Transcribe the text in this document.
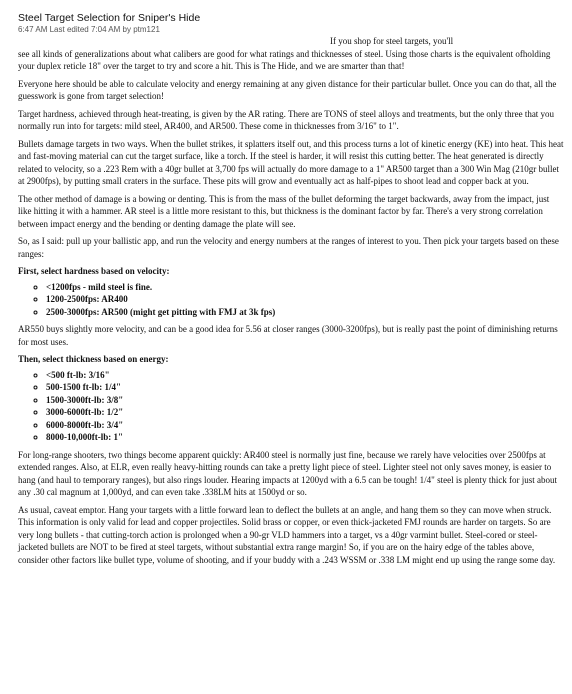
Steel Target Selection for Sniper's Hide
6:47 AM Last edited 7:04 AM by ptm121

If you shop for steel targets, you'll
see all kinds of generalizations about what calibers are good for what ratings and thicknesses of steel. Using those charts is the equivalent ofholding your duplex reticle 18" over the target to try and score a hit. This is The Hide, and we are smarter than that!

Everyone here should be able to calculate velocity and energy remaining at any given distance for their particular bullet. Once you can do that, all the guesswork is gone from target selection!

Target hardness, achieved through heat-treating, is given by the AR rating. There are TONS of steel alloys and treatments, but the only three that you normally run into for targets: mild steel, AR400, and AR500. These come in thicknesses from 3/16" to 1".

Bullets damage targets in two ways. When the bullet strikes, it splatters itself out, and this process turns a lot of kinetic energy (KE) into heat. This heat and fast-moving material can cut the target surface, like a torch. If the steel is harder, it will resist this cutting better. The heat generated is directly related to velocity, so a .223 Rem with a 40gr bullet at 3,700 fps will actually do more damage to a 1" AR500 target than a 300 Win Mag (210gr bullet at 2900fps), by putting small craters in the surface. These pits will grow and eventually act as half-pipes to shoot lead and copper back at you.

The other method of damage is a bowing or denting. This is from the mass of the bullet deforming the target backwards, away from the impact, just like hitting it with a hammer. AR steel is a little more resistant to this, but thickness is the dominant factor by far. There's a very strong correlation between impact energy and the bending or denting damage the plate will see.

So, as I said: pull up your ballistic app, and run the velocity and energy numbers at the ranges of interest to you. Then pick your targets based on these ranges:

First, select hardness based on velocity:

◦ <1200fps - mild steel is fine.
◦ 1200-2500fps: AR400
◦ 2500-3000fps: AR500 (might get pitting with FMJ at 3k fps)

AR550 buys slightly more velocity, and can be a good idea for 5.56 at closer ranges (3000-3200fps), but is really past the point of diminishing returns for most uses.

Then, select thickness based on energy:

◦ <500 ft-lb: 3/16"
◦ 500-1500 ft-lb: 1/4"
◦ 1500-3000ft-lb: 3/8"
◦ 3000-6000ft-lb: 1/2"
◦ 6000-8000ft-lb: 3/4"
◦ 8000-10,000ft-lb: 1"

For long-range shooters, two things become apparent quickly: AR400 steel is normally just fine, because we rarely have velocities over 2500fps at extended ranges. Also, at ELR, even really heavy-hitting rounds can take a pretty light piece of steel. Lighter steel not only saves money, is easier to hang (and haul to temporary ranges), but also rings louder. Hearing impacts at 1200yd with a 6.5 can be tough! 1/4" steel is plenty thick for just about any .30 cal magnum at 1,000yd, and can even take .338LM hits at 1500yd or so.

As usual, caveat emptor. Hang your targets with a little forward lean to deflect the bullets at an angle, and hang them so they can move when struck. This information is only valid for lead and copper projectiles. Solid brass or copper, or even thick-jacketed FMJ rounds are harder on targets. So are very long bullets - that cutting-torch action is prolonged when a 90-gr VLD hammers into a target, vs a 40gr varmint bullet. Steel-cored or steel-jacketed bullets are NOT to be fired at steel targets, without substantial extra range margin! So, if you are on the hairy edge of the tables above, consider other factors like bullet type, volume of shooting, and if your buddy with a .243 WSSM or .338 LM might end up using the range some day.
